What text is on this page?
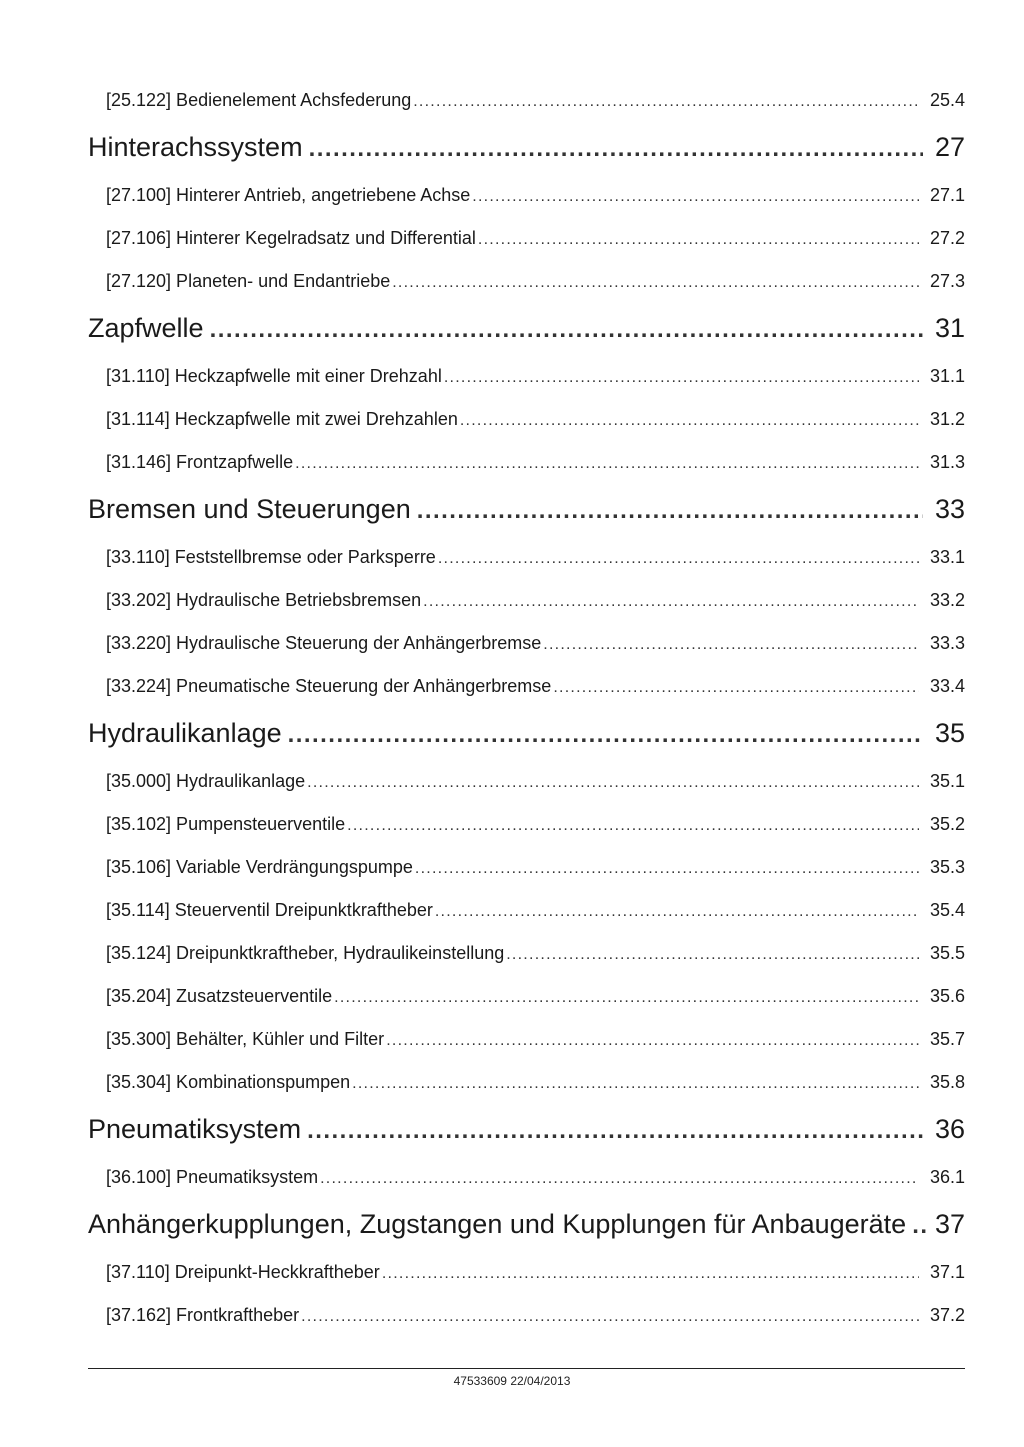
[25.122] Bedienelement Achsfederung . . .	25.4
Hinterachssystem . . .	27
[27.100] Hinterer Antrieb, angetriebene Achse . . .	27.1
[27.106] Hinterer Kegelradsatz und Differential . . .	27.2
[27.120] Planeten- und Endantriebe . . .	27.3
Zapfwelle . . .	31
[31.110] Heckzapfwelle mit einer Drehzahl . . .	31.1
[31.114] Heckzapfwelle mit zwei Drehzahlen . . .	31.2
[31.146] Frontzapfwelle . . .	31.3
Bremsen und Steuerungen . . .	33
[33.110] Feststellbremse oder Parksperre . . .	33.1
[33.202] Hydraulische Betriebsbremsen . . .	33.2
[33.220] Hydraulische Steuerung der Anhängerbremse . . .	33.3
[33.224] Pneumatische Steuerung der Anhängerbremse . . .	33.4
Hydraulikanlage . . .	35
[35.000] Hydraulikanlage . . .	35.1
[35.102] Pumpensteuerventile . . .	35.2
[35.106] Variable Verdrängungspumpe . . .	35.3
[35.114] Steuerventil Dreipunktkraftheber . . .	35.4
[35.124] Dreipunktkraftheber, Hydraulikeinstellung . . .	35.5
[35.204] Zusatzsteuerventile . . .	35.6
[35.300] Behälter, Kühler und Filter . . .	35.7
[35.304] Kombinationspumpen . . .	35.8
Pneumatiksystem . . .	36
[36.100] Pneumatiksystem . . .	36.1
Anhängerkupplungen, Zugstangen und Kupplungen für Anbaugeräte . . . 37
[37.110] Dreipunkt-Heckkraftheber . . .	37.1
[37.162] Frontkraftheber . . .	37.2
47533609 22/04/2013
